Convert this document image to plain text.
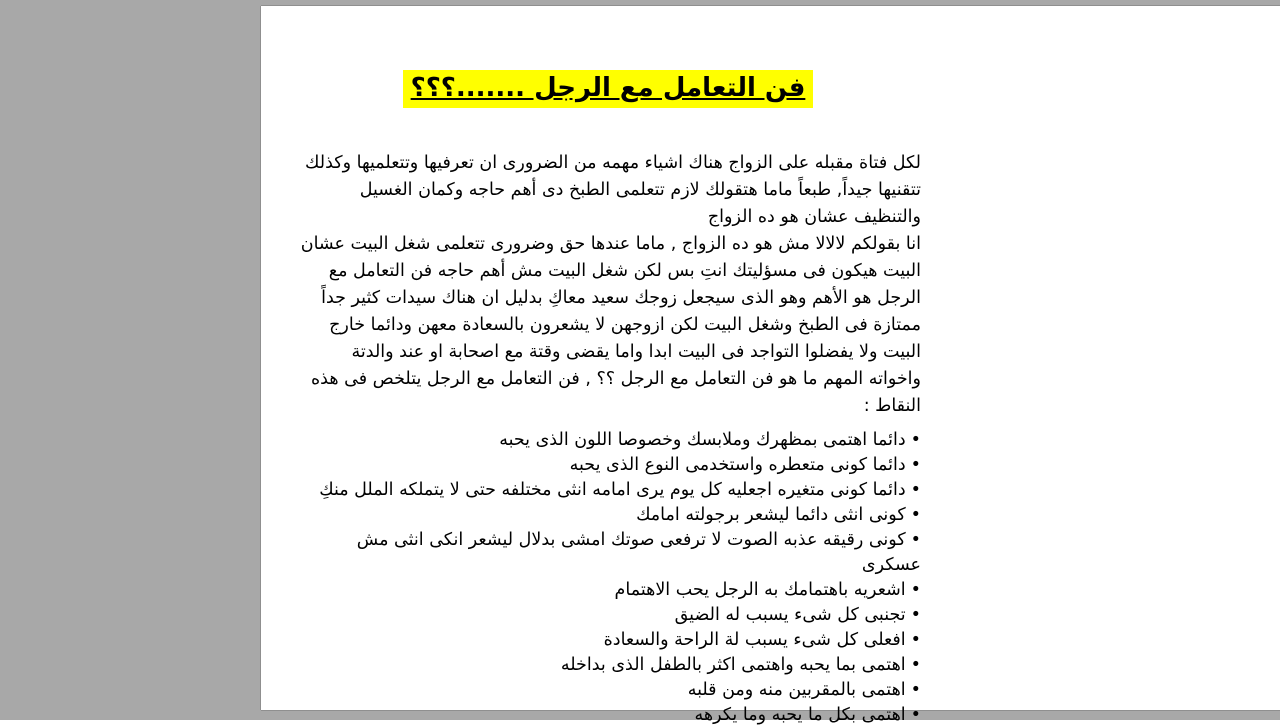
فن التعامل مع الرجل .......؟؟؟

لكل فتاة مقبله على الزواج هناك اشياء مهمه من الضرورى ان تعرفيها وتتعلميها وكذلك تتقنيها جيداً, طبعاً ماما هتقولك لازم تتعلمى الطبخ دى أهم حاجه وكمان الغسيل والتنظيف عشان هو ده الزواج

انا بقولكم لالالا مش هو ده الزواج , ماما عندها حق وضرورى تتعلمى شغل البيت عشان البيت هيكون فى مسؤليتك انتِ بس لكن شغل البيت مش أهم حاجه فن التعامل مع الرجل هو الأهم وهو الذى سيجعل زوجك سعيد معاكِ بدليل ان هناك سيدات كثير جداً ممتازة فى الطبخ وشغل البيت لكن ازوجهن لا يشعرون بالسعادة معهن ودائما خارج البيت ولا يفضلوا التواجد فى البيت ابدا واما يقضى وقتة مع اصحابة او عند والدتة واخواته المهم ما هو فن التعامل مع الرجل ؟؟ , فن التعامل مع الرجل يتلخص فى هذه النقاط :

•دائما اهتمى بمظهرك وملابسك وخصوصا اللون الذى يحبه
•دائما كونى متعطره واستخدمى النوع الذى يحبه
•دائما كونى متغيره اجعليه كل يوم يرى امامه انثى مختلفه حتى لا يتملكه الملل منكِ
•كونى انثى دائما ليشعر برجولته امامك
•كونى رقيقه عذبه الصوت لا ترفعى صوتك امشى بدلال ليشعر انكى انثى مش عسكرى
•اشعريه باهتمامك به الرجل يحب الاهتمام
•تجنبى كل شىء يسبب له الضيق
•افعلى كل شىء يسبب لة الراحة والسعادة
•اهتمى بما يحبه واهتمى اكثر بالطفل الذى بداخله
•اهتمى بالمقربين منه ومن قلبه
•اهتمى بكل ما يحبه وما يكرهه
